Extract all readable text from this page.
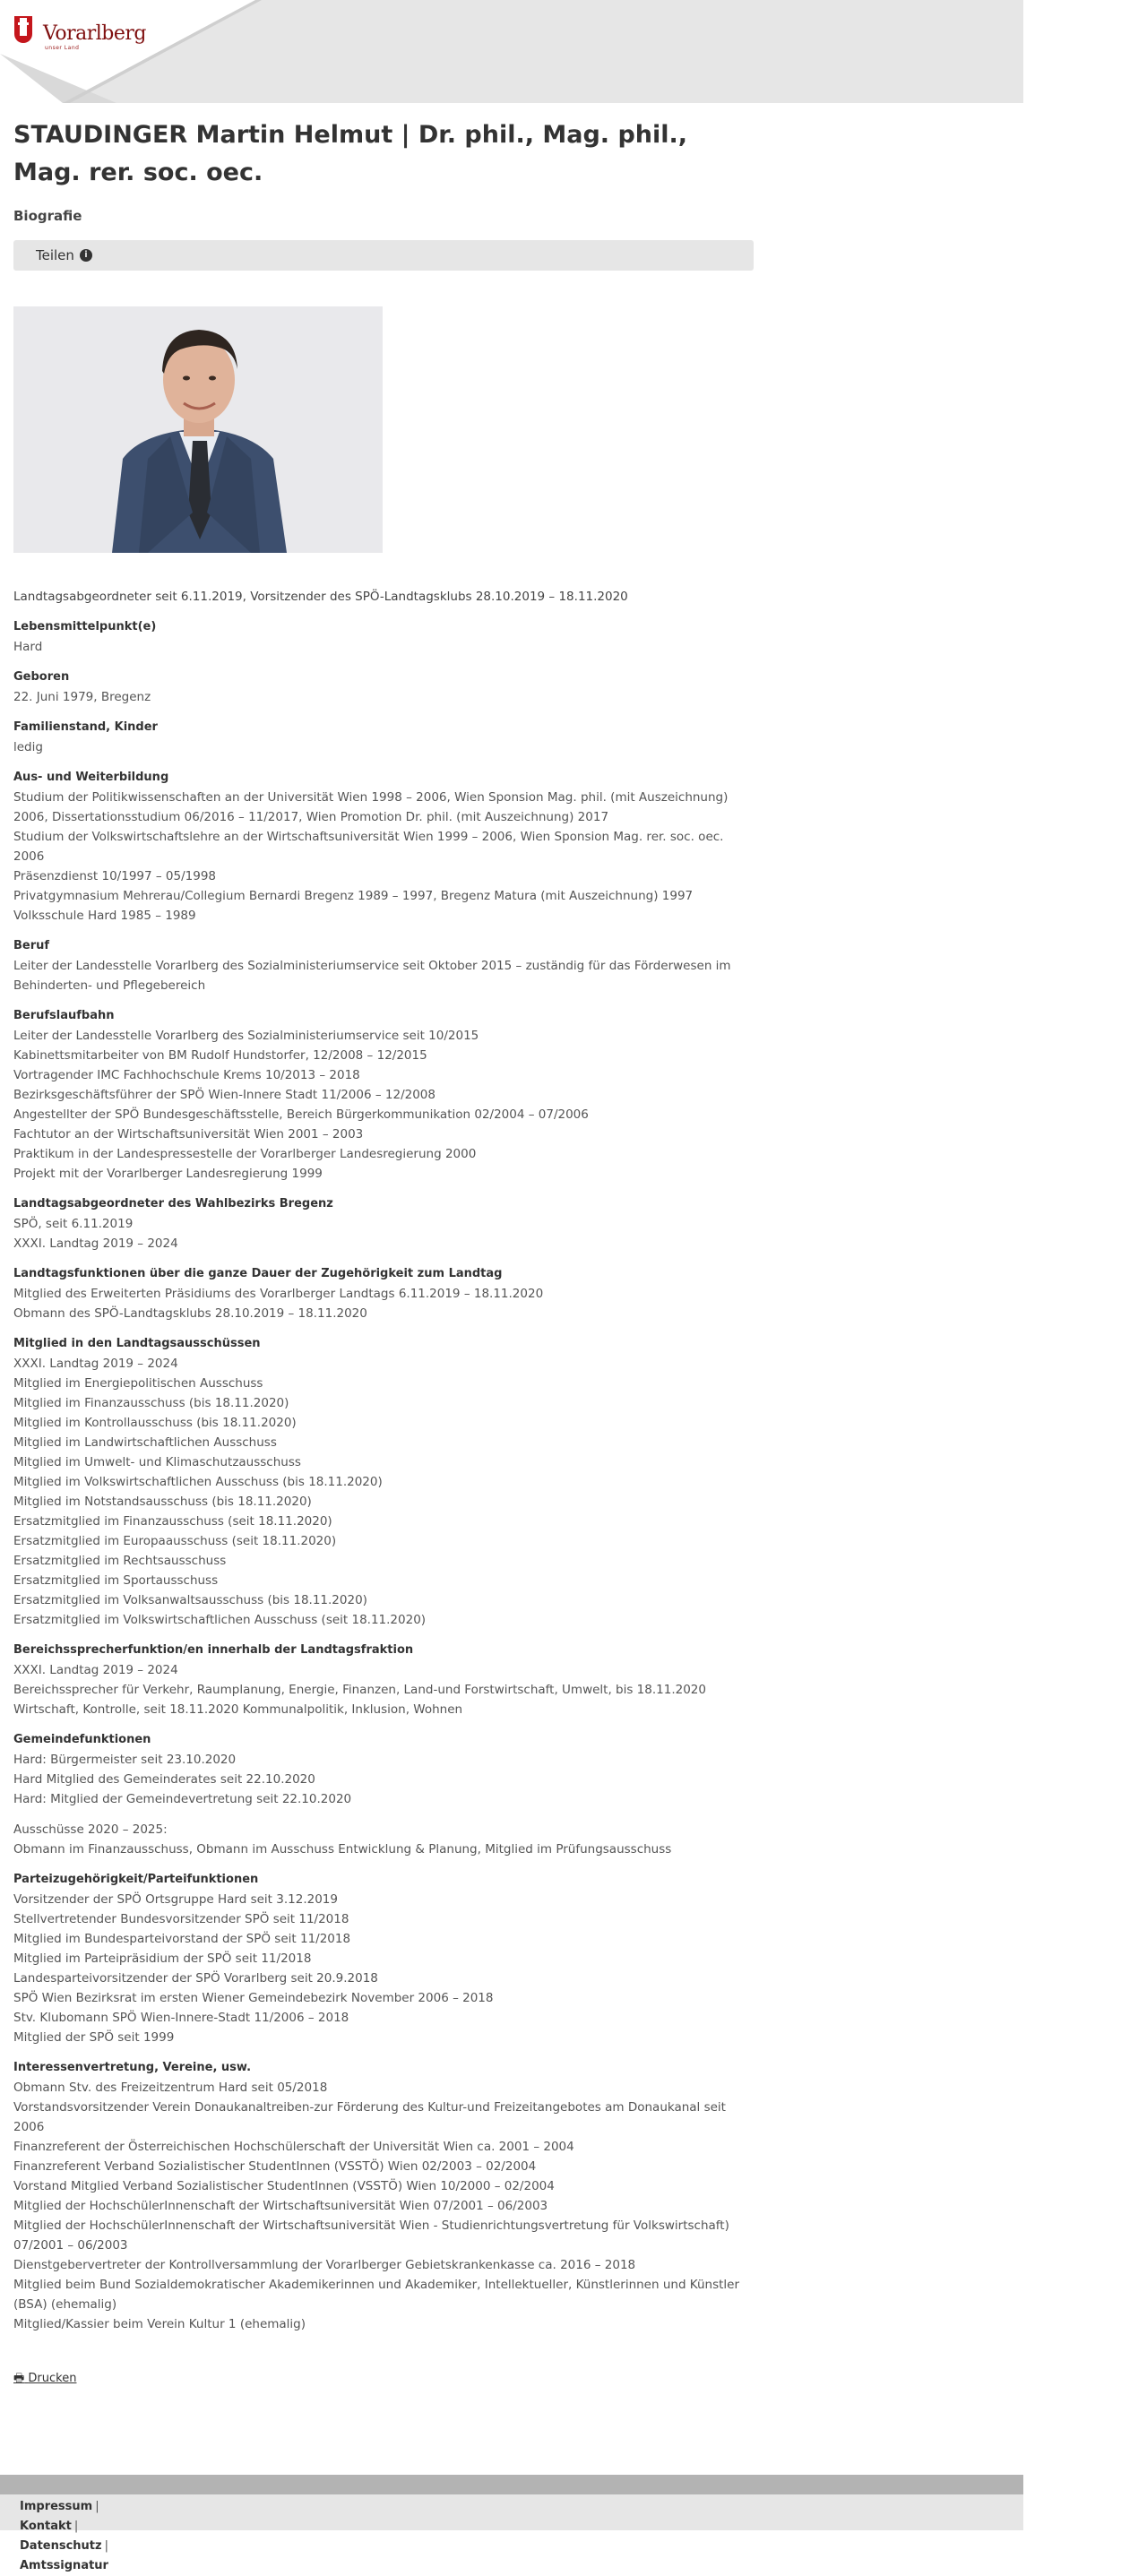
Vorarlberg
unser Land
STAUDINGER Martin Helmut | Dr. phil., Mag. phil., Mag. rer. soc. oec.
Biografie
Teilen	i
Landtagsabgeordneter seit 6.11.2019, Vorsitzender des SPÖ-Landtagsklubs 28.10.2019 – 18.11.2020
Lebensmittelpunkt(e)
Hard
Geboren
22. Juni 1979, Bregenz
Familienstand, Kinder
ledig
Aus- und Weiterbildung
Studium der Politikwissenschaften an der Universität Wien 1998 – 2006, Wien Sponsion Mag. phil. (mit Auszeichnung) 2006, Dissertationsstudium 06/2016 – 11/2017, Wien Promotion Dr. phil. (mit Auszeichnung) 2017
Studium der Volkswirtschaftslehre an der Wirtschaftsuniversität Wien 1999 – 2006, Wien Sponsion Mag. rer. soc. oec. 2006
Präsenzdienst 10/1997 – 05/1998
Privatgymnasium Mehrerau/Collegium Bernardi Bregenz 1989 – 1997, Bregenz Matura (mit Auszeichnung) 1997
Volksschule Hard 1985 – 1989
Beruf
Leiter der Landesstelle Vorarlberg des Sozialministeriumservice seit Oktober 2015 – zuständig für das Förderwesen im Behinderten- und Pflegebereich
Berufslaufbahn
Leiter der Landesstelle Vorarlberg des Sozialministeriumservice seit 10/2015
Kabinettsmitarbeiter von BM Rudolf Hundstorfer, 12/2008 – 12/2015
Vortragender IMC Fachhochschule Krems 10/2013 – 2018
Bezirksgeschäftsführer der SPÖ Wien-Innere Stadt 11/2006 – 12/2008
Angestellter der SPÖ Bundesgeschäftsstelle, Bereich Bürgerkommunikation 02/2004 – 07/2006
Fachtutor an der Wirtschaftsuniversität Wien 2001 – 2003
Praktikum in der Landespressestelle der Vorarlberger Landesregierung 2000
Projekt mit der Vorarlberger Landesregierung 1999
Landtagsabgeordneter des Wahlbezirks Bregenz
SPÖ, seit 6.11.2019
XXXI. Landtag 2019 – 2024
Landtagsfunktionen über die ganze Dauer der Zugehörigkeit zum Landtag
Mitglied des Erweiterten Präsidiums des Vorarlberger Landtags 6.11.2019 – 18.11.2020
Obmann des SPÖ-Landtagsklubs 28.10.2019 – 18.11.2020
Mitglied in den Landtagsausschüssen
XXXI. Landtag 2019 – 2024
Mitglied im Energiepolitischen Ausschuss
Mitglied im Finanzausschuss (bis 18.11.2020)
Mitglied im Kontrollausschuss (bis 18.11.2020)
Mitglied im Landwirtschaftlichen Ausschuss
Mitglied im Umwelt- und Klimaschutzausschuss
Mitglied im Volkswirtschaftlichen Ausschuss (bis 18.11.2020)
Mitglied im Notstandsausschuss (bis 18.11.2020)
Ersatzmitglied im Finanzausschuss (seit 18.11.2020)
Ersatzmitglied im Europaausschuss (seit 18.11.2020)
Ersatzmitglied im Rechtsausschuss
Ersatzmitglied im Sportausschuss
Ersatzmitglied im Volksanwaltsausschuss (bis 18.11.2020)
Ersatzmitglied im Volkswirtschaftlichen Ausschuss (seit 18.11.2020)
Bereichssprecherfunktion/en innerhalb der Landtagsfraktion
XXXI. Landtag 2019 – 2024
Bereichssprecher für Verkehr, Raumplanung, Energie, Finanzen, Land-und Forstwirtschaft, Umwelt, bis 18.11.2020 Wirtschaft, Kontrolle, seit 18.11.2020 Kommunalpolitik, Inklusion, Wohnen
Gemeindefunktionen
Hard: Bürgermeister seit 23.10.2020
Hard Mitglied des Gemeinderates seit 22.10.2020
Hard: Mitglied der Gemeindevertretung seit 22.10.2020
Ausschüsse 2020 – 2025:
Obmann im Finanzausschuss, Obmann im Ausschuss Entwicklung & Planung, Mitglied im Prüfungsausschuss
Parteizugehörigkeit/Parteifunktionen
Vorsitzender der SPÖ Ortsgruppe Hard seit 3.12.2019
Stellvertretender Bundesvorsitzender SPÖ seit 11/2018
Mitglied im Bundesparteivorstand der SPÖ seit 11/2018
Mitglied im Parteipräsidium der SPÖ seit 11/2018
Landesparteivorsitzender der SPÖ Vorarlberg seit 20.9.2018
SPÖ Wien Bezirksrat im ersten Wiener Gemeindebezirk November 2006 – 2018
Stv. Klubomann SPÖ Wien-Innere-Stadt 11/2006 – 2018
Mitglied der SPÖ seit 1999
Interessenvertretung, Vereine, usw.
Obmann Stv. des Freizeitzentrum Hard seit 05/2018
Vorstandsvorsitzender Verein Donaukanaltreiben-zur Förderung des Kultur-und Freizeitangebotes am Donaukanal seit 2006
Finanzreferent der Österreichischen Hochschülerschaft der Universität Wien ca. 2001 – 2004
Finanzreferent Verband Sozialistischer StudentInnen (VSSTÖ) Wien 02/2003 – 02/2004
Vorstand Mitglied Verband Sozialistischer StudentInnen (VSSTÖ) Wien 10/2000 – 02/2004
Mitglied der HochschülerInnenschaft der Wirtschaftsuniversität Wien 07/2001 – 06/2003
Mitglied der HochschülerInnenschaft der Wirtschaftsuniversität Wien - Studienrichtungsvertretung für Volkswirtschaft) 07/2001 – 06/2003
Dienstgebervertreter der Kontrollversammlung der Vorarlberger Gebietskrankenkasse ca. 2016 – 2018
Mitglied beim Bund Sozialdemokratischer Akademikerinnen und Akademiker, Intellektueller, Künstlerinnen und Künstler (BSA) (ehemalig)
Mitglied/Kassier beim Verein Kultur 1 (ehemalig)
🖶 Drucken
Impressum |
Kontakt |
Datenschutz |
Amtssignatur
